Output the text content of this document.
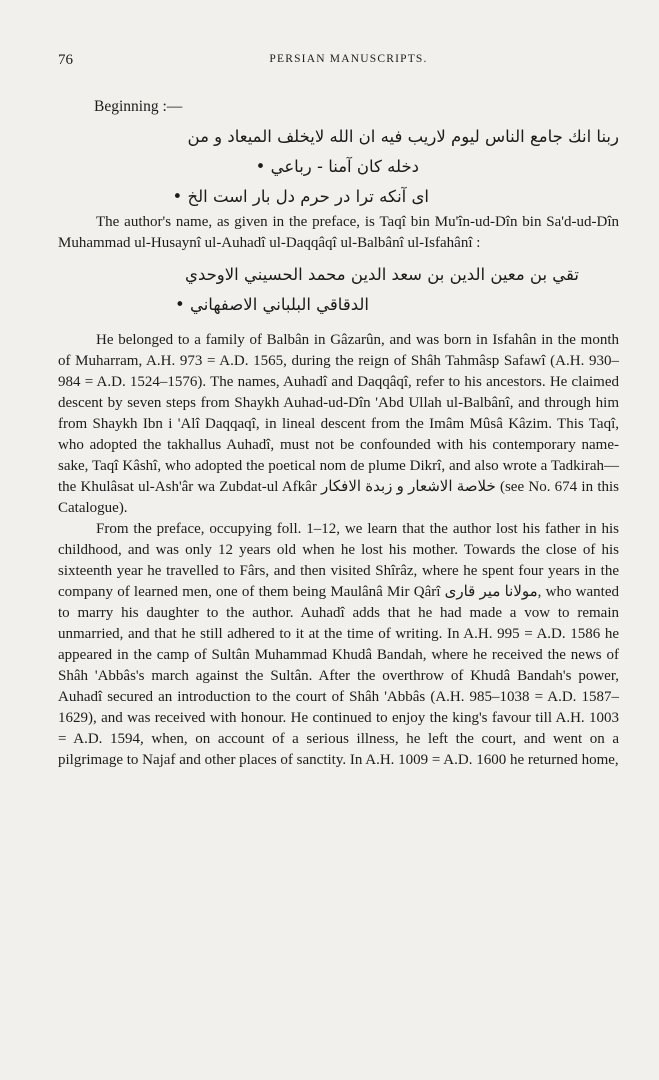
76	PERSIAN MANUSCRIPTS.
Beginning :—
ربنا انك جامع الناس ليوم لاريب فيه ان الله لايخلف الميعاد و من
دخله كان آمنا - رباعي •
ای آنکه ترا در حرم دل بار است الخ •

The author's name, as given in the preface, is Taqî bin Mu'în-ud-Dîn bin Sa'd-ud-Dîn Muhammad ul-Husaynî ul-Auhadî ul-Daqqâqî ul-Balbânî ul-Isfahânî :

تقي بن معين الدين بن سعد الدين محمد الحسيني الاوحدي
الدقاقي البلباني الاصفهاني •

He belonged to a family of Balbân in Gâzarûn, and was born in Isfahân in the month of Muharram, A.H. 973 = A.D. 1565, during the reign of Shâh Tahmâsp Safawî (A.H. 930–984 = A.D. 1524–1576). The names, Auhadî and Daqqâqî, refer to his ancestors. He claimed descent by seven steps from Shaykh Auhad-ud-Dîn 'Abd Ullah ul-Balbânî, and through him from Shaykh Ibn i 'Alî Daqqaqî, in lineal descent from the Imâm Mûsâ Kâzim. This Taqî, who adopted the takhallus Auhadî, must not be confounded with his contemporary name-sake, Taqî Kâshî, who adopted the poetical nom de plume Dikrî, and also wrote a Tadkirah—the Khulâsat ul-Ash'âr wa Zubdat-ul Afkâr خلاصة الاشعار و زبدة الافکار (see No. 674 in this Catalogue).

From the preface, occupying foll. 1–12, we learn that the author lost his father in his childhood, and was only 12 years old when he lost his mother. Towards the close of his sixteenth year he travelled to Fârs, and then visited Shîrâz, where he spent four years in the company of learned men, one of them being Maulânâ Mir Qârî مولانا میر قاری, who wanted to marry his daughter to the author. Auhadî adds that he had made a vow to remain unmarried, and that he still adhered to it at the time of writing. In A.H. 995 = A.D. 1586 he appeared in the camp of Sultân Muhammad Khudâ Bandah, where he received the news of Shâh 'Abbâs's march against the Sultân. After the overthrow of Khudâ Bandah's power, Auhadî secured an introduction to the court of Shâh 'Abbâs (A.H. 985–1038 = A.D. 1587–1629), and was received with honour. He continued to enjoy the king's favour till A.H. 1003 = A.D. 1594, when, on account of a serious illness, he left the court, and went on a pilgrimage to Najaf and other places of sanctity. In A.H. 1009 = A.D. 1600 he returned home,
